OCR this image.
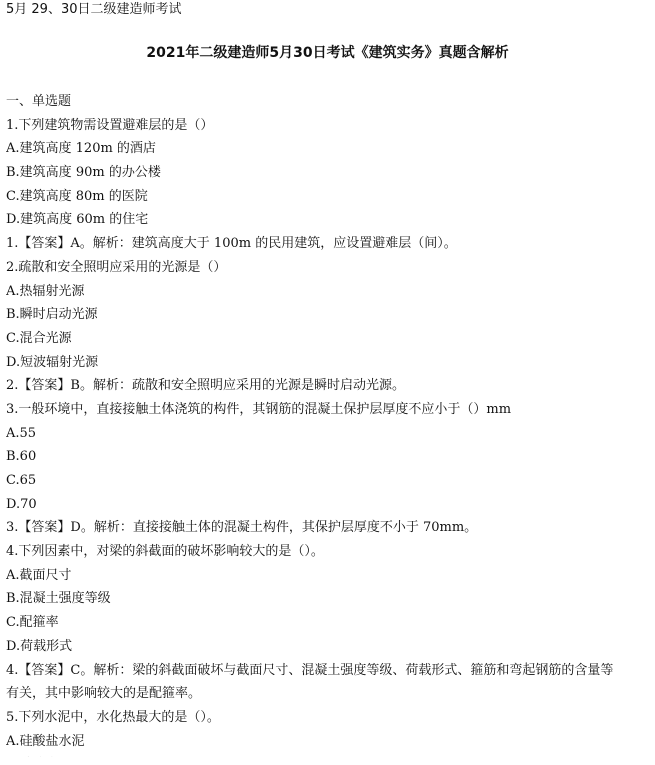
5月 29、30日二级建造师考试
2021年二级建造师5月30日考试《建筑实务》真题含解析
一、单选题
1.下列建筑物需设置避难层的是（）
A.建筑高度 120m 的酒店
B.建筑高度 90m 的办公楼
C.建筑高度 80m 的医院
D.建筑高度 60m 的住宅
1.【答案】A。解析：建筑高度大于 100m 的民用建筑，应设置避难层（间）。
2.疏散和安全照明应采用的光源是（）
A.热辐射光源
B.瞬时启动光源
C.混合光源
D.短波辐射光源
2.【答案】B。解析：疏散和安全照明应采用的光源是瞬时启动光源。
3.一般环境中，直接接触土体浇筑的构件，其钢筋的混凝土保护层厚度不应小于（）mm
A.55
B.60
C.65
D.70
3.【答案】D。解析：直接接触土体的混凝土构件，其保护层厚度不小于 70mm。
4.下列因素中，对梁的斜截面的破坏影响较大的是（）。
A.截面尺寸
B.混凝土强度等级
C.配箍率
D.荷载形式
4.【答案】C。解析：梁的斜截面破坏与截面尺寸、混凝土强度等级、荷载形式、箍筋和弯起钢筋的含量等
有关，其中影响较大的是配箍率。
5.下列水泥中，水化热最大的是（）。
A.硅酸盐水泥
